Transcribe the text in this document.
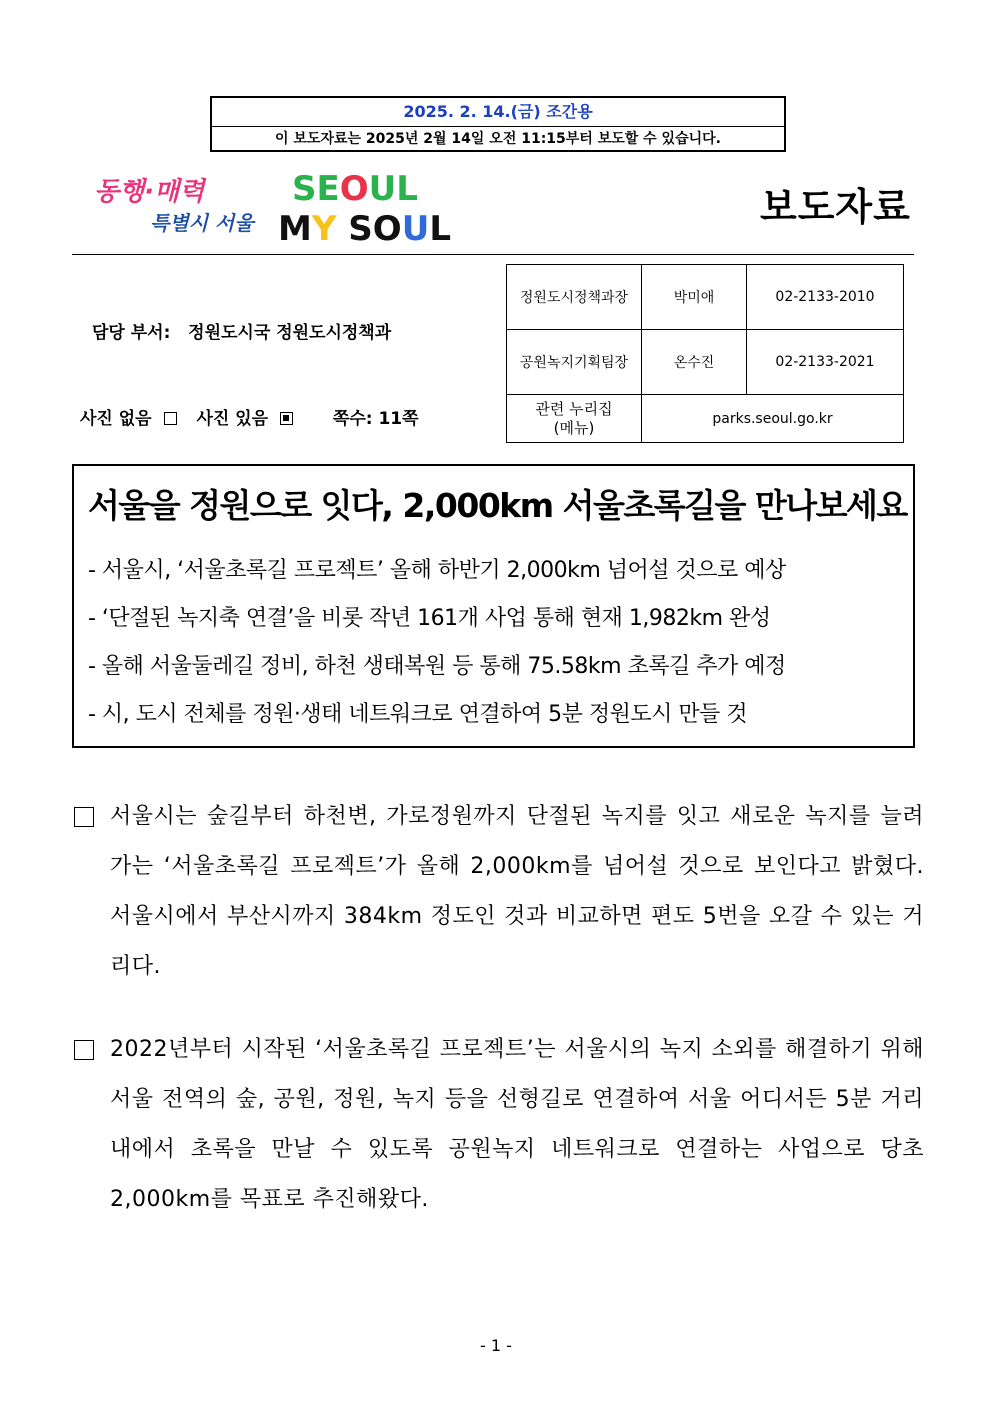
2025. 2. 14.(금) 조간용
이 보도자료는 2025년 2월 14일 오전 11:15부터 보도할 수 있습니다.
동행·매력
특별시 서울
SEOUL
MY SOUL	보도자료
담당 부서:   정원도시국 정원도시정책과
사진 없음	사진 있음	쪽수: 11쪽
정원도시정책과장	박미애	02-2133-2010
공원녹지기획팀장	온수진	02-2133-2021

관련 누리집
(메뉴)	parks.seoul.go.kr	
서울을 정원으로 잇다, 2,000km 서울초록길을 만나보세요
- 서울시, ‘서울초록길 프로젝트’ 올해 하반기 2,000km 넘어설 것으로 예상
- ‘단절된 녹지축 연결’을 비롯 작년 161개 사업 통해 현재 1,982km 완성
- 올해 서울둘레길 정비, 하천 생태복원 등 통해 75.58km 초록길 추가 예정
- 시, 도시 전체를 정원·생태 네트워크로 연결하여 5분 정원도시 만들 것
서울시는 숲길부터 하천변, 가로정원까지 단절된 녹지를 잇고 새로운 녹지를 늘려가는 ‘서울초록길 프로젝트’가 올해 2,000km를 넘어설 것으로 보인다고 밝혔다. 서울시에서 부산시까지 384km 정도인 것과 비교하면 편도 5번을 오갈 수 있는 거리다.
2022년부터 시작된 ‘서울초록길 프로젝트’는 서울시의 녹지 소외를 해결하기 위해 서울 전역의 숲, 공원, 정원, 녹지 등을 선형길로 연결하여 서울 어디서든 5분 거리 내에서 초록을 만날 수 있도록 공원녹지 네트워크로 연결하는 사업으로 당초 2,000km를 목표로 추진해왔다.
- 1 -
